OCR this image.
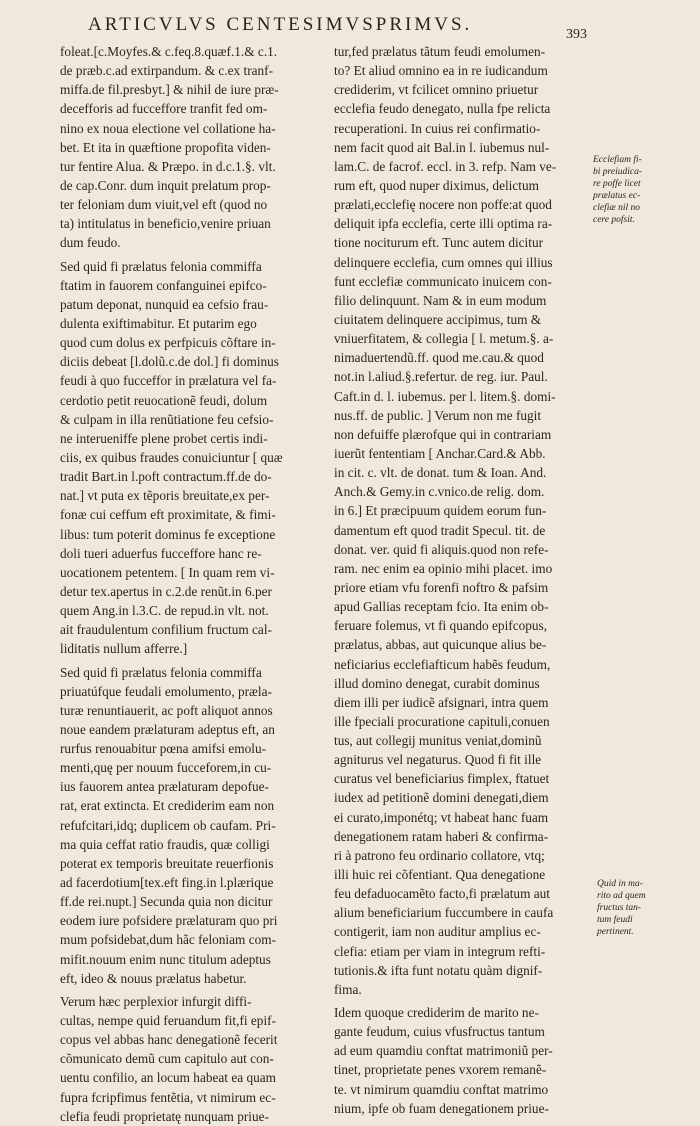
ARTICVLVS CENTESIMVSPRIMVS.	393
foleat.[c.Moyfes.& c.feq.8.quæf.1.& c.1.
de præb.c.ad extirpandum. & c.ex tranf-
miffa.de fil.presbyt.] & nihil de iure præ-
decefforis ad fucceffore tranfit fed om-
nino ex noua electione vel collatione ha-
bet. Et ita in quæftione propofita viden-
tur fentire Alua. & Præpo. in d.c.1.§. vlt.
de cap.Conr. dum inquit prelatum prop-
ter feloniam dum viuit,vel eft (quod no
ta) intitulatus in beneficio,venire priuan
dum feudo.
Sed quid fi prælatus felonia commiffa
ftatim in fauorem confanguinei epifco-
patum deponat, nunquid ea cefsio frau-
dulenta exiftimabitur. Et putarim ego
quod cum dolus ex perfpicuis cõftare in-
diciis debeat [l.dolũ.c.de dol.] fi dominus
feudi à quo fucceffor in prælatura vel fa-
cerdotio petit reuocationẽ feudi, dolum
& culpam in illa renũtiatione feu cefsio-
ne interueniffe plene probet certis indi-
ciis, ex quibus fraudes conuiciuntur [ quæ
tradit Bart.in l.poft contractum.ff.de do-
nat.] vt puta ex tẽporis breuitate,ex per-
fonæ cui ceffum eft proximitate, & fimi-
libus: tum poterit dominus fe exceptione
doli tueri aduerfus fucceffore hanc re-
uocationem petentem. [ In quam rem vi-
detur tex.apertus in c.2.de renũt.in 6.per
quem Ang.in l.3.C. de repud.in vlt. not.
ait fraudulentum confilium fructum cal-
liditatis nullum afferre.]
Sed quid fi prælatus felonia commiffa
priuatúfque feudali emolumento, præla-
turæ renuntiauerit, ac poft aliquot annos
noue eandem prælaturam adeptus eft, an
rurfus renouabitur pœna amifsi emolu-
menti,quę per nouum fucceforem,in cu-
ius fauorem antea prælaturam depofue-
rat, erat extincta. Et crediderim eam non
refufcitari,idq; duplicem ob caufam. Pri-
ma quia ceffat ratio fraudis, quæ colligi
poterat ex temporis breuitate reuerfionis
ad facerdotium[tex.eft fing.in l.plærique
ff.de rei.nupt.] Secunda quia non dicitur
eodem iure pofsidere prælaturam quo pri
mum pofsidebat,dum hãc feloniam com-
mifit.nouum enim nunc titulum adeptus
eft, ideo & nouus prælatus habetur.
Verum hæc perplexior infurgit diffi-
cultas, nempe quid feruandum fit,fi epif-
copus vel abbas hanc denegationẽ fecerit
cõmunicato demũ cum capitulo aut con-
uentu confilio, an locum habeat ea quam
fupra fcripfimus fentẽtia, vt nimirum ec-
clefia feudi proprietatę nunquam priue-
tur,fed prælatus tãtum feudi emolumen-
to? Et aliud omnino ea in re iudicandum
crediderim, vt fcilicet omnino priuetur
ecclefia feudo denegato, nulla fpe relicta
recuperationi. In cuius rei confirmatio-
nem facit quod ait Bal.in l. iubemus nul-
lam.C. de facrof. eccl. in 3. refp. Nam ve-
rum eft, quod nuper diximus, delictum
prælati,ecclefię nocere non poffe:at quod
deliquit ipfa ecclefia, certe illi optima ra-
tione nociturum eft. Tunc autem dicitur
delinquere ecclefia, cum omnes qui illius
funt ecclefiæ communicato inuicem con-
filio delinquunt. Nam & in eum modum
ciuitatem delinquere accipimus, tum &
vniuerfitatem, & collegia [ l. metum.§. a-
nimaduertendũ.ff. quod me.cau.& quod
not.in l.aliud.§.refertur. de reg. iur. Paul.
Caft.in d. l. iubemus. per l. litem.§. domi-
nus.ff. de public. ] Verum non me fugit
non defuiffe plærofque qui in contrariam
iuerũt fententiam [ Anchar.Card.& Abb.
in cit. c. vlt. de donat. tum & Ioan. And.
Anch.& Gemy.in c.vnico.de relig. dom.
in 6.] Et præcipuum quidem eorum fun-
damentum eft quod tradit Specul. tit. de
donat. ver. quid fi aliquis.quod non refe-
ram. nec enim ea opinio mihi placet. imo
priore etiam vfu forenfi noftro & pafsim
apud Gallias receptam fcio. Ita enim ob-
feruare folemus, vt fi quando epifcopus,
prælatus, abbas, aut quicunque alius be-
neficiarius ecclefiafticum habẽs feudum,
illud domino denegat, curabit dominus
diem illi per iudicẽ afsignari, intra quem
ille fpeciali procuratione capituli,conuen
tus, aut collegij munitus veniat,dominũ
agniturus vel negaturus. Quod fi fit ille
curatus vel beneficiarius fimplex, ftatuet
iudex ad petitionẽ domini denegati,diem
ei curato,imponétq; vt habeat hanc fuam
denegationem ratam haberi & confirma-
ri à patrono feu ordinario collatore, vtq;
illi huic rei cõfentiant. Qua denegatione
feu defaduocamẽto facto,fi prælatum aut
alium beneficiarium fuccumbere in caufa
contigerit, iam non auditur amplius ec-
clefia: etiam per viam in integrum refti-
tutionis.& ifta funt notatu quàm dignif-
fima.
Idem quoque crediderim de marito ne-
gante feudum, cuius vfusfructus tantum
ad eum quamdiu conftat matrimoniũ per-
tinet, proprietate penes vxorem remanẽ-
te. vt nimirum quamdiu conftat matrimo
nium, ipfe ob fuam denegationem priue-
Ecclefiam fi-
bi preiudica-
re poffe licet
prælatus ec-
clefiæ nil no
cere pofsit.
Quid in ma-
rito ad quem
fructus tan-
tum feudi
pertinent.
